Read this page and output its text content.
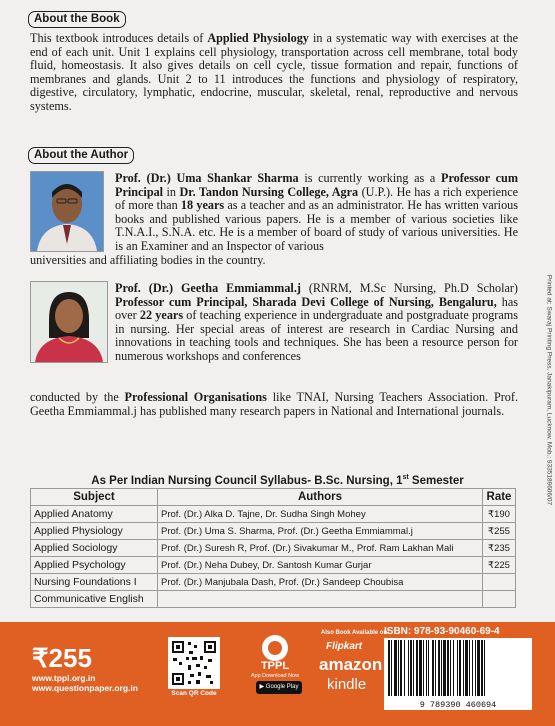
About the Book

This textbook introduces details of Applied Physiology in a systematic way with exercises at the end of each unit. Unit 1 explains cell physiology, transportation across cell membrane, total body fluid, homeostasis. It also gives details on cell cycle, tissue formation and repair, functions of membranes and glands. Unit 2 to 11 introduces the functions and physiology of respiratory, digestive, circulatory, lymphatic, endocrine, muscular, skeletal, renal, reproductive and nervous systems.

About the Author

Prof. (Dr.) Uma Shankar Sharma is currently working as a Professor cum Principal in Dr. Tandon Nursing College, Agra (U.P.). He has a rich experience of more than 18 years as a teacher and as an administrator. He has written various books and published various papers. He is a member of various societies like T.N.A.I., S.N.A. etc. He is a member of board of study of various universities. He is an Examiner and an Inspector of various

universities and affiliating bodies in the country.

Prof. (Dr.) Geetha Emmiammal.j (RNRM, M.Sc Nursing, Ph.D Scholar) Professor cum Principal, Sharada Devi College of Nursing, Bengaluru, has over 22 years of teaching experience in undergraduate and postgraduate programs in nursing. Her special areas of interest are research in Cardiac Nursing and innovations in teaching tools and techniques. She has been a resource person for numerous workshops and conferences

conducted by the Professional Organisations like TNAI, Nursing Teachers Association. Prof. Geetha Emmiammal.j has published many research papers in National and International journals.	Printed at: Swaraj Printing Press, Janakipuram, Lucknow. Mob.: 9335189606/07
As Per Indian Nursing Council Syllabus- B.Sc. Nursing, 1st Semester
Subject	Authors	Rate
Applied Anatomy	Prof. (Dr.) Alka D. Tajne, Dr. Sudha Singh Mohey	₹190
Applied Physiology	Prof. (Dr.) Uma S. Sharma, Prof. (Dr.) Geetha Emmiammal.j	₹255
Applied Sociology	Prof. (Dr.) Suresh R, Prof. (Dr.) Sivakumar M., Prof. Ram Lakhan Mali	₹235
Applied Psychology	Prof. (Dr.) Neha Dubey, Dr. Santosh Kumar Gurjar	₹225
Nursing Foundations I	Prof. (Dr.) Manjubala Dash, Prof. (Dr.) Sandeep Choubisa	
Communicative English		
₹255
www.tppl.org.in
www.questionpaper.org.in
Scan QR Code
TPPL
App Download Now
▶ Google Play
Also Book Available on:
Flipkart
amazon
kindle
ISBN: 978-93-90460-69-4
9 789390 460694
